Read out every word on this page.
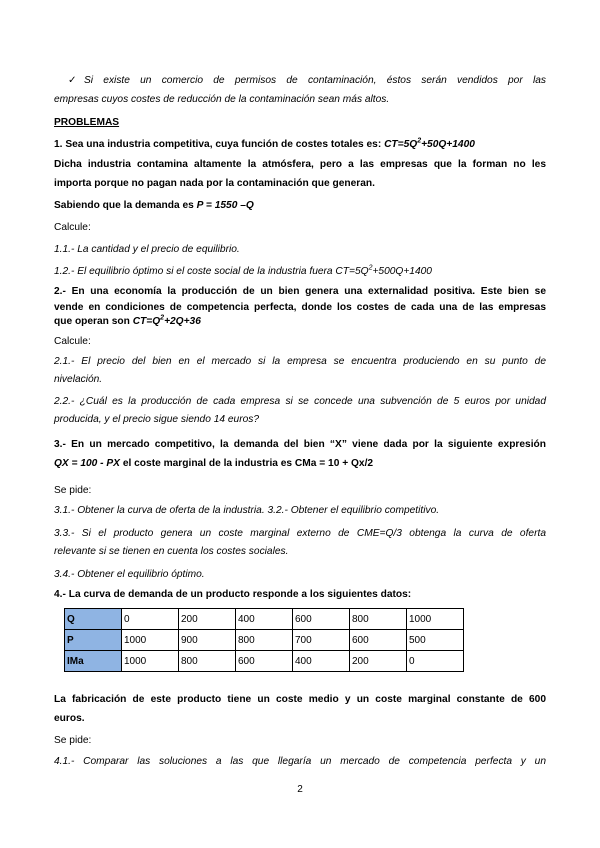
✓ Si existe un comercio de permisos de contaminación, éstos serán vendidos por las

empresas cuyos costes de reducción de la contaminación sean más altos.

PROBLEMAS

1. Sea una industria competitiva, cuya función de costes totales es: $CT=5Q^2+50Q+1400$

Dicha industria contamina altamente la atmósfera, pero a las empresas que la forman no les

importa porque no pagan nada por la contaminación que generan.

Sabiendo que la demanda es P = 1550 –Q

Calcule:

1.1.- La cantidad y el precio de equilibrio.

1.2.- El equilibrio óptimo si el coste social de la industria fuera $CT=5Q^2+500Q+1400$

2.- En una economía la producción de un bien genera una externalidad positiva. Este bien se

vende en condiciones de competencia perfecta, donde los costes de cada una de las empresas

que operan son $CT=Q^2+2Q+36$

Calcule:

2.1.- El precio del bien en el mercado si la empresa se encuentra produciendo en su punto de

nivelación.

2.2.- ¿Cuál es la producción de cada empresa si se concede una subvención de 5 euros por unidad

producida, y el precio sigue siendo 14 euros?

3.- En un mercado competitivo, la demanda del bien “X” viene dada por la siguiente expresión

QX = 100 - PX el coste marginal de la industria es CMa = 10 + Qx/2

Se pide:

3.1.- Obtener la curva de oferta de la industria. 3.2.- Obtener el equilibrio competitivo.

3.3.- Si el producto genera un coste marginal externo de CME=Q/3 obtenga la curva de oferta

relevante si se tienen en cuenta los costes sociales.

3.4.- Obtener el equilibrio óptimo.

4.- La curva de demanda de un producto responde a los siguientes datos:

Q	0	200	400	600	800	1000
P	1000	900	800	700	600	500
IMa	1000	800	600	400	200	0

La fabricación de este producto tiene un coste medio y un coste marginal constante de 600

euros.

Se pide:

4.1.- Comparar las soluciones a las que llegaría un mercado de competencia perfecta y un

2
